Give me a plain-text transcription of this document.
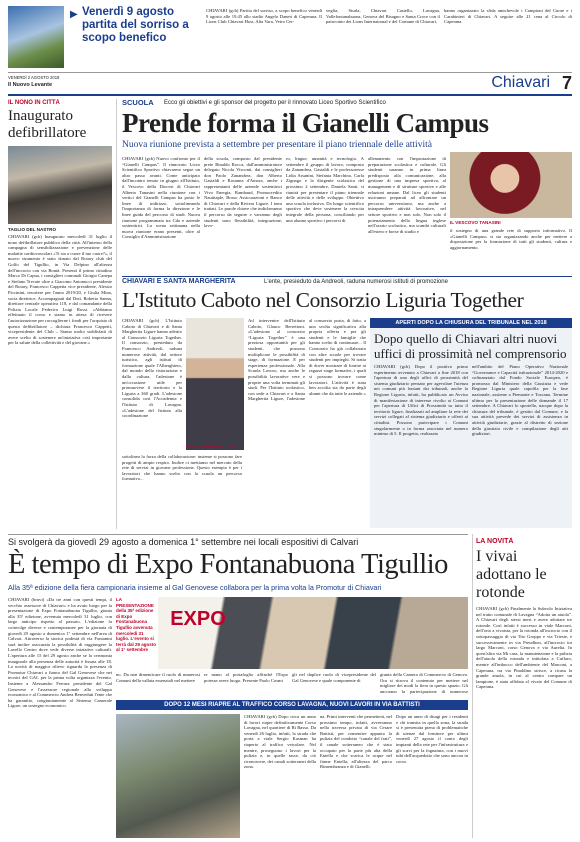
▶ Venerdì 9 agosto partita del sorriso a scopo benefico
CHIAVARI (gcb) Partita del sorriso, a scopo benefico venerdì 9 agosto alle 19.45 allo stadio Angelo Daneri di Caperana. Il Lions Club Chiavari Host, Alta Vara, Vetro Cer-
veglia, Sturla, Chiavari Castello, Lavagna, Vallefontanabuona, Genova del Bisagno e Santa Croce con il patrocinio dei Lions International e del Comune di Chiavari,
hanno organizzato la sfida amichevole i Campioni del Cuore e i Carabinieri di Chiavari. A seguire alle 21 cena al Circolo di Caperana.
VENERDÌ 2 AGOSTO 2019
Il Nuovo Levante	Chiavari 7
IL NONO IN CITTÀ
Inaugurato defibrillatore
TAGLIO DEL NASTRO
CHIAVARI (gcb) Inaugurato mercoledì 31 luglio il nono defibrillatore pubblico della città. All'interno della campagna di sensibilizzazione e prevenzione delle malattie cardiovascolari «Ti sta a cuore il tuo cuore?», il nuovo strumento è stato donato dal Rotary club del Golfo del Tigullio, in Via Delpino all'altezza dell'incrocio con via Bontà. Presenti il primo cittadino Marco Di Capua, i consiglieri comunali Giorgio Canepa e Stefano Trecate oltre a Giacomo Antonucci presidente del Rotary, Francesco Cappetta vice presidente, Alessio Piccinini, tesoriere per l'anno 2019/20, e Giulia Mina, socia direttrice. Accompagnati dal Dott. Roberto Sanna, direttore centrale operativa 118, e dal comandante della Polizia Locale Federico Luigi Rossi. «Abbiamo effettuato il corso e siamo in attesa di ricevere l'autorizzazione per raccoglierne i fondi per l'acquisto di questo defibrillatore – dichiara Francesco Cappetti, vicepresidente del Club – Siamo molto soddisfatti di avere scelto di sostenere un'iniziativa così importante per la salute della collettività e del giovane.»
SCUOLA	Ecco gli obiettivi e gli sponsor del progetto per il rinnovato Liceo Sportivo Scientifico
Prende forma il Gianelli Campus
Nuova riunione prevista a settembre per presentare il piano triennale delle attività
CHIAVARI (gcb) Nuovo confronto per il “Gianelli Campus”. Il rinnovato Liceo Scientifico Sportivo chiavarese segue un altro passo avanti. Come anticipato dall'incontro tenuto in giugno all'Istituto, il Vescovo della Diocesi di Chiavari Alberto Tanasini nella riunione con i vertici del Gianelli Campus ha posto le linee di indirizzo, sottolineando l'importanza di forma la direzione e le linee guida del percorso di studi. Nuova riunione programmata tra Cda e aziende sostenitrici. La scena settimana nella nuova riunione erano presenti, oltre al Consiglio d'Amministrazione
della scuola, composto dal presidente prete Rinaldo Rocca, dall'amministratore delegato Nicola Visconti, dai consiglieri don Paolo Zanandrea, don Alberto Gastaldi e Rosanna d'Amora, anche i rappresentanti delle aziende sostenitrici Vivo Energia, Rambaud, Promocredito Nautitaple, Bosso Assicurazioni e Banco di Chiavari e della Riviera Ligure. I temi trattati. Le parole chiave che indicheranno il percorso da seguire e varranno degli studenti sono flessibilità, integrazione, lavo-
ro, lingue, umanità e tecnologia. A settembre il gruppo di lavoro, composto da Zanandrea, Gastaldi e le professoresse Lidia Arsanini, Stefania Marchino, Carla Zignago e la dirigente scolastica del prossimo 2 settembre, Daniela Santi, si riunirà per presentare il piano triennale delle attività e delle sviluppo. Obiettivo una scuola inclusiva. Da lungo scientifico sportivo che deve sostenere la crescita integrale della persona, conciliando per una alunno sportivo i percorsi di
allenamento con l'impostazione di preparazione scolastica e culturale. Gli studenti saranno in prima linea predisposto alla comunicazione, alla gestione di una impresa sportiva, al management e di strutture sportive e alle relazioni umane. Dal liceo gli studenti usciranno preparati ad affrontare un percorso universitario, ma anche a intraprendere attività lavorative, nel settore sportivo e non solo. Non solo il potenziamento della lingua inglese nell'orario scolastico, ma scambi culturali all'estero e borse di studio e
IL VESCOVO TANASINI
il sostegno di una grande rete di supporto informativo. Il «Gianelli Campus» si sta organizzando anche per mettere a disposizione per la formazione di tutti gli studenti, cultura e aggiornamento.
CHIAVARI E SANTA MARGHERITA	L'ente, presieduto da Andreoli, raduna numerosi istituti di promozione
L'Istituto Caboto nel Consorzio Liguria Together
CHIAVARI (gcb) L'Istituto Caboto di Chiavari e di Santa Margherita Ligure hanno aderito al Consorzio Liguria Together. Il consorzio, presieduto da Francesco Andreoli, raduna numerose attività, dal settore turistico, agli istituti di formazione quale l'Alberghiero, dal mondo della ristorazione e dalla cultura, l'adesione è un'occasione utile per promuovere il territorio e la Liguria a 360 gradi. L'adesione consolida così l'Accademia e l'Istituto di Lavagna. «L'adesione del Istituto alla coordinazione
sottolinea la forza della collaborazione: insieme si possono fare progetti di ampio respiro. Inoltre ci mettiamo nel mercato della rete di servizi in giovane professione. Questo esempio è per i lavoratori che hanno scelto con la scuola un percorso formativo...
GLAUCO BERRETTONI
Ad intervenire dell'Istituto Caboto, Glauco Berrettoni. «L'adesione al consorzio “Liguria Together” è una preziosa opportunità per gli studenti, che possono moltiplicare le possibilità di stage, di formazione. E per esperienza professionale. Alla Scuola Lavoro, ma anche le possibilità lavorative vere e proprie una volta terminati gli studi. Per l'Istituto scolastico, con sede a Chiavari e a Santa Margherita Ligure, l'adesione al consorzio porta, di fatto, a una svolta significativa alla propria offerta e per gli studenti e le famiglie che hanno scelto di continuare... Il Consorzio ha già collaborato con altre scuole per trovare studenti per impieghi. Si tratta di dover mostrare di fornire ai ragazzi stage formativi, i quali si possono trovare come lavoratori. L'attività è stata ben accolta sia da parte degli alunni che da tutte le aziende.»
APERTI DOPO LA CHIUSURA DEL TRIBUNALE NEL 2018
Dopo quello di Chiavari altri nuovi uffici di prossimità nel comprensorio
CHIAVARI (gcb) Dopo il positivo primo esperimento avvenuto a Chiavari a fine 2018 con l'apertura di uno degli uffici di prossimità del sistema giudiziario pensato per agevolare l'utenza nei comuni più lontani dai tribunali, anche la Regione Liguria, infatti, ha pubblicato un Avviso di manifestazione di interesse rivolto ai Comuni per l'apertura di Uffici di Prossimità su tutto il territorio ligure, finalizzati ad ampliare la rete dei servizi collegati al sistema giudiziario e offerti ai cittadini. Possono partecipare i Comuni singolarmente o in forma associata nel numero minimo di 5. Il progetto, realizzato
nell'ambito del Piano Operativo Nazionale “Governance e Capacità istituzionale” 2014-2020 e cofinanziato dal Fondo Sociale Europeo, è promosso dal Ministero della Giustizia e vede Regione Liguria quale capofila per la fase nazionale, assieme a Piemonte e Toscana. Termine ultimo per la presentazione delle domande il 17 settembre. A Chiavari lo sportello, nacque dopo la chiusura del tribunale, è gestito dal Comune, e la sua attività prevede dei servizi di assistenza in attività giudiziarie, grazie al distretto di sezione della giustizia civile e compilazione degli atti giudiziari.
Si svolgerà da giovedì 29 agosto a domenica 1° settembre nei locali espositivi di Calvari
È tempo di Expo Fontanabuona Tigullio
Alla 35ª edizione della fiera campionaria insieme al Gal Genovese collabora per la prima volta la Promotur di Chiavari
CHIAVARI (bruvi) «Da tre anni con questi tempi, il vecchio assessore di Chiavari» e ha avuto luogo per la presentazione di Expo Fontanabuona Tigullio, giunta alla 35ª edizione, avvenuta mercoledì 31 luglio, con largo anticipo rispetto al passato. L'edizione fa coinvolge diverse e contemporanee per la giornata di giovedì 29 agosto a domenica 1° settembre nell'area di Calvari. Attraverso la storica podestà di via Fontanini sarà inoltre assicurata la possibilità di raggiungere la Lavello Centro dove vede diverse iniziative culturali. L'apertura alle 15 del 29 agosto anche se la cerimonia inaugurale alla presenza delle autorità è fissata alle 18. La novità di maggior rilievo riguarda la presenza di Promotur Chiavari a fianco del Gal Genovese che nei tecnici del GAL per la prima volta organizza l'evento. Insieme a Alessandro Ferrara presidente del Gal Genovese e l'assessore regionale allo sviluppo economico e al Commercio Andrea Benveduti l'ente che ha garantito, congiuntamente al Sistema Camerale Ligure, un sostegno economico.
LA PRESENTAZIONE della 35ª edizione di Expo Fontanabuona Tigullio avvenuta mercoledì 31 luglio. L'evento si terrà dal 29 agosto al 1° settembre
EXPO
no. Da non dimenticare il ruolo di numerosi Comuni della vallata essenziali nel mettere
re mano al portafoglio affinché l'Expo potesse avere luogo. Presente Paolo Cosmi
gli nel duplice ruolo di vicepresidente del Gal Genovese e quale componente di
giunta della Camera di Commercio di Genova. Ora si ritrova il contenuto per mettere nel migliore dei modi la fiera in questo spazio. Gli ancorano la partecipazione di numerose
DOPO 12 MESI RIAPRE AL TRAFFICO CORSO LAVAGNA, NUOVI LAVORI IN VIA BATTISTI
CHIAVARI (gcb) Dopo circa un anno di lavori riapre definitivamente Corso Lavagna, nel quartiere di Rì Basso. Da venerdì 26 luglio, infatti, la strada che porta a viale Sergio Kasman ha riaperto al traffico veicolare. Nel mentre, proseguono i lavori per la pulizia e, in quelle tasse, da ciò riconoscere, dei canali sotterranei della zona.
na. Primi interventi che permetterà, nel prossimo tempo, infatti, avverranno nella traversa privata di via Cesare Battisti, per consentire appunto la pulizia del condotto “canale del frati”, il canale sotterraneo che è stato occupato per la parte più alta della Entella e che scarica le acque nel fiume Entella, all'altezza del parco Rimembranza e di Gianelli.
Dopo un anno di disagi per i residenti e chi transita in quella zona, la strada si è presentata piena di problematiche di utenze dal fornitore per ultimi venerdì 27 agosto il conto degli impianti della rete per l'infrastruttura e gli scavi per la fognatura, con i nuovi tubi dell'acquedotto che sono ancora in corso.
LA NOVITÀ
I vivai adottano le rotonde
CHIAVARI (gcb) Finalmente la Subvolo Iniziativa nel tratto comunale di Lavagna “Adotta un aiuola”. A Chiavari degli stessi mesi e avere adottare tre rotonde. Così infatti è successo in viale Marconi, dell'orto a vivaista, per la rotonda all'incrocio con il sottopassaggio di via Tito Groppo e via Trieste, e successivamente in via Preudhon, all'incrocio tra largo Marconi, corso Genova e via Aurelia. In quest'altra via Mi casa, la manutenzione e la pulizia dell'aiuola della rotonda e intitolata a Cuffaro, mentre all'imbocco dell'ambiente del Marconi, a Caperana, tra via Pinaldino strisce, a ricasa la grande aiuola, in cui al centro compare un lampione, è stata affidata al vivaio del Comune di Caperana.
